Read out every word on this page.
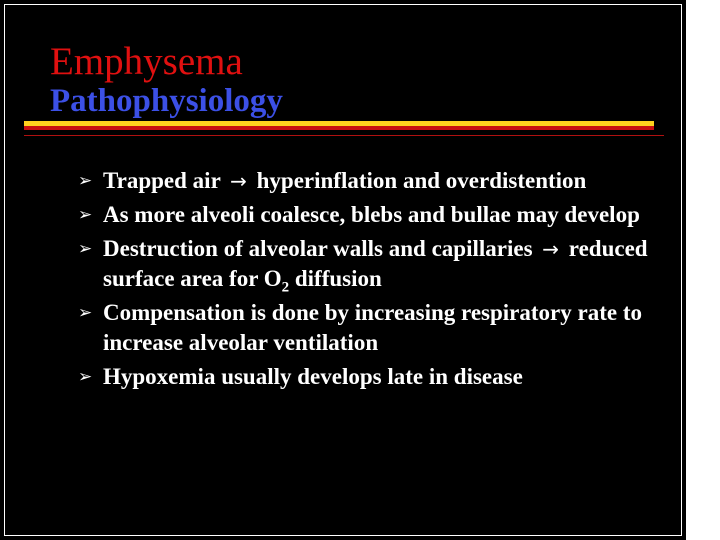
Emphysema
Pathophysiology
➢ Trapped air → hyperinflation and overdistention
➢ As more alveoli coalesce, blebs and bullae may develop
➢ Destruction of alveolar walls and capillaries → reduced surface area for $O_2$ diffusion
➢ Compensation is done by increasing respiratory rate to increase alveolar ventilation
➢ Hypoxemia usually develops late in disease
